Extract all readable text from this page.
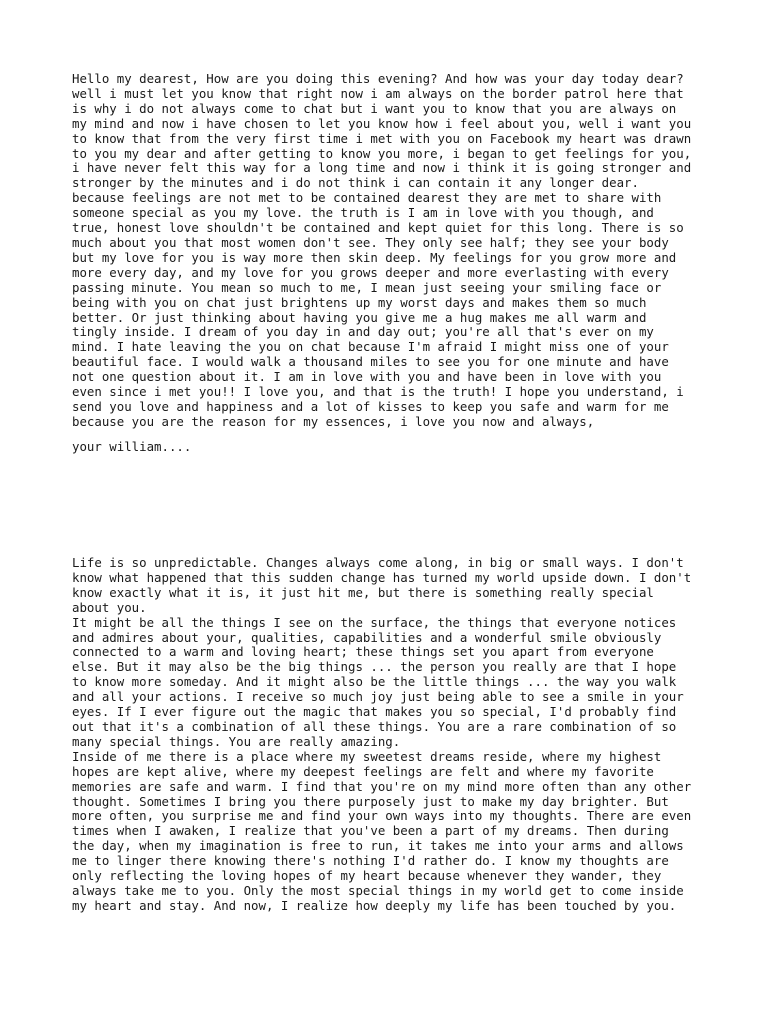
Hello my dearest, How are you doing this evening? And how was your day today dear?
well i must let you know that right now i am always on the border patrol here that
is why i do not always come to chat but i want you to know that you are always on
my mind and now i have chosen to let you know how i feel about you, well i want you
to know that from the very first time i met with you on Facebook my heart was drawn
to you my dear and after getting to know you more, i began to get feelings for you,
i have never felt this way for a long time and now i think it is going stronger and
stronger by the minutes and i do not think i can contain it any longer dear.
because feelings are not met to be contained dearest they are met to share with
someone special as you my love. the truth is I am in love with you though, and
true, honest love shouldn't be contained and kept quiet for this long. There is so
much about you that most women don't see. They only see half; they see your body
but my love for you is way more then skin deep. My feelings for you grow more and
more every day, and my love for you grows deeper and more everlasting with every
passing minute. You mean so much to me, I mean just seeing your smiling face or
being with you on chat just brightens up my worst days and makes them so much
better. Or just thinking about having you give me a hug makes me all warm and
tingly inside. I dream of you day in and day out; you're all that's ever on my
mind. I hate leaving the you on chat because I'm afraid I might miss one of your
beautiful face. I would walk a thousand miles to see you for one minute and have
not one question about it. I am in love with you and have been in love with you
even since i met you!! I love you, and that is the truth! I hope you understand, i
send you love and happiness and a lot of kisses to keep you safe and warm for me
because you are the reason for my essences, i love you now and always,

your william....

Life is so unpredictable. Changes always come along, in big or small ways. I don't
know what happened that this sudden change has turned my world upside down. I don't
know exactly what it is, it just hit me, but there is something really special
about you.
It might be all the things I see on the surface, the things that everyone notices
and admires about your, qualities, capabilities and a wonderful smile obviously
connected to a warm and loving heart; these things set you apart from everyone
else. But it may also be the big things ... the person you really are that I hope
to know more someday. And it might also be the little things ... the way you walk
and all your actions. I receive so much joy just being able to see a smile in your
eyes. If I ever figure out the magic that makes you so special, I'd probably find
out that it's a combination of all these things. You are a rare combination of so
many special things. You are really amazing.
Inside of me there is a place where my sweetest dreams reside, where my highest
hopes are kept alive, where my deepest feelings are felt and where my favorite
memories are safe and warm. I find that you're on my mind more often than any other
thought. Sometimes I bring you there purposely just to make my day brighter. But
more often, you surprise me and find your own ways into my thoughts. There are even
times when I awaken, I realize that you've been a part of my dreams. Then during
the day, when my imagination is free to run, it takes me into your arms and allows
me to linger there knowing there's nothing I'd rather do. I know my thoughts are
only reflecting the loving hopes of my heart because whenever they wander, they
always take me to you. Only the most special things in my world get to come inside
my heart and stay. And now, I realize how deeply my life has been touched by you.
